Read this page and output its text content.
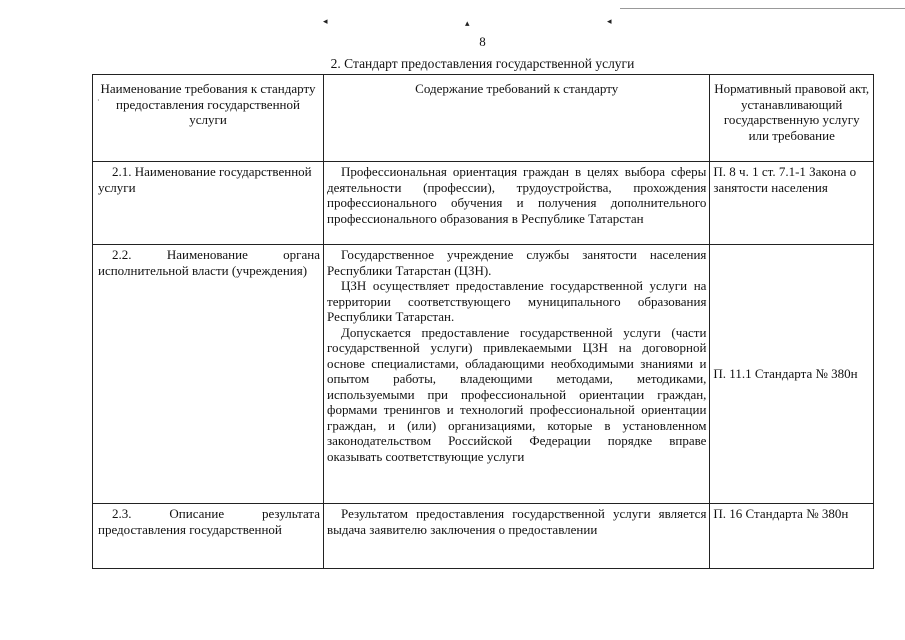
◂	▴	◂
8
2. Стандарт предоставления государственной услуги
·
Наименование требования к стандарту предоставления государственной услуги	Содержание требований к стандарту	Нормативный правовой акт, устанавливающий государственную услугу или требование
2.1. Наименование государственной услуги	Профессиональная ориентация граждан в целях выбора сферы деятельности (профессии), трудоустройства, прохождения профессионального обучения и получения дополнительного профессионального образования в Республике Татарстан	П. 8 ч. 1 ст. 7.1-1 Закона о занятости населения
2.2. Наименование органа исполнительной власти (учреждения)	Государственное учреждение службы занятости населения Республики Татарстан (ЦЗН).

ЦЗН осуществляет предоставление государственной услуги на территории соответствующего муниципального образования Республики Татарстан.

Допускается предоставление государственной услуги (части государственной услуги) привлекаемыми ЦЗН на договорной основе специалистами, обладающими необходимыми знаниями и опытом работы, владеющими методами, методиками, используемыми при профессиональной ориентации граждан, формами тренингов и технологий профессиональной ориентации граждан, и (или) организациями, которые в установленном законодательством Российской Федерации порядке вправе оказывать соответствующие услуги	П. 11.1 Стандарта № 380н
2.3. Описание результата предоставления государственной	Результатом предоставления государственной услуги является выдача заявителю заключения о предоставлении	П. 16 Стандарта № 380н
